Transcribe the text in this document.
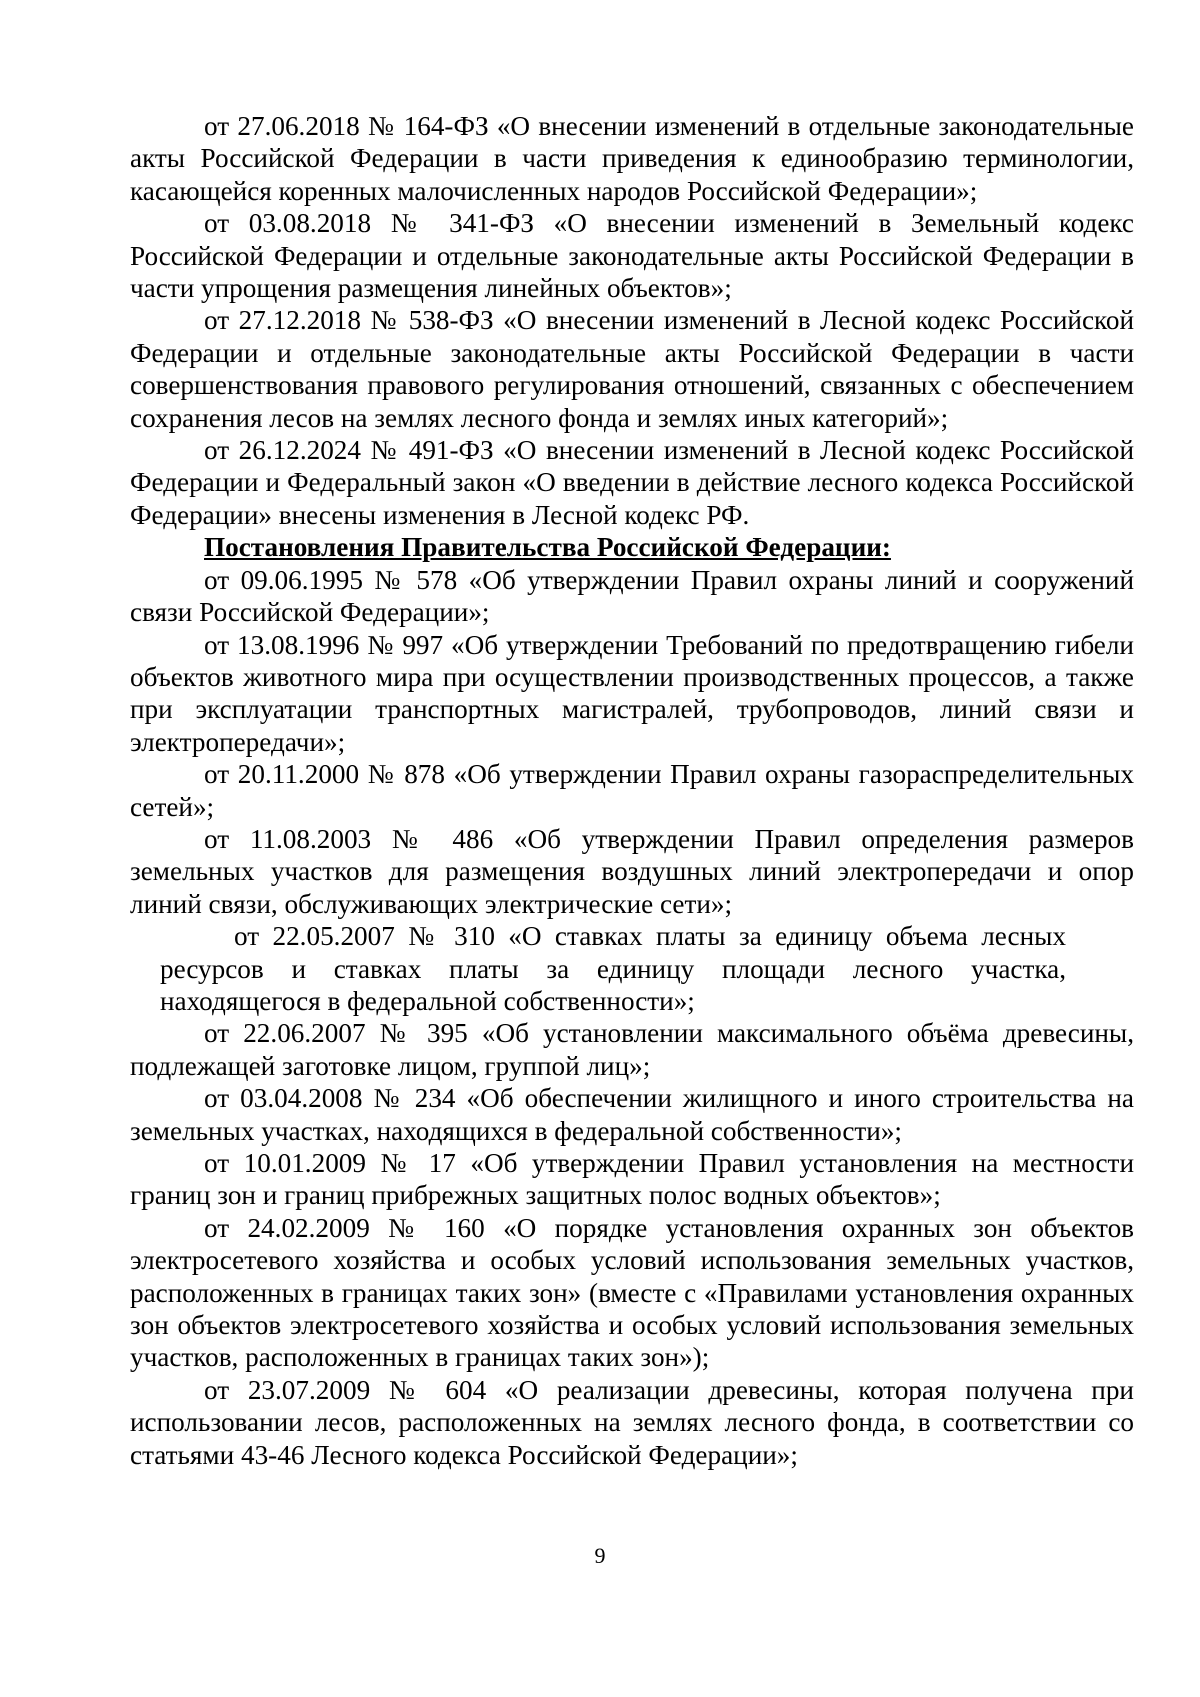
от 27.06.2018 № 164-ФЗ «О внесении изменений в отдельные законодательные акты Российской Федерации в части приведения к единообразию терминологии, касающейся коренных малочисленных народов Российской Федерации»;

от 03.08.2018 № 341-ФЗ «О внесении изменений в Земельный кодекс Российской Федерации и отдельные законодательные акты Российской Федерации в части упрощения размещения линейных объектов»;

от 27.12.2018 № 538-ФЗ «О внесении изменений в Лесной кодекс Российской Федерации и отдельные законодательные акты Российской Федерации в части совершенствования правового регулирования отношений, связанных с обеспечением сохранения лесов на землях лесного фонда и землях иных категорий»;

от 26.12.2024 № 491-ФЗ «О внесении изменений в Лесной кодекс Российской Федерации и Федеральный закон «О введении в действие лесного кодекса Российской Федерации» внесены изменения в Лесной кодекс РФ.

Постановления Правительства Российской Федерации:

от 09.06.1995 № 578 «Об утверждении Правил охраны линий и сооружений связи Российской Федерации»;

от 13.08.1996 № 997 «Об утверждении Требований по предотвращению гибели объектов животного мира при осуществлении производственных процессов, а также при эксплуатации транспортных магистралей, трубопроводов, линий связи и электропередачи»;

от 20.11.2000 № 878 «Об утверждении Правил охраны газораспределительных сетей»;

от 11.08.2003 № 486 «Об утверждении Правил определения размеров земельных участков для размещения воздушных линий электропередачи и опор линий связи, обслуживающих электрические сети»;

от 22.05.2007 № 310 «О ставках платы за единицу объема лесных ресурсов и ставках платы за единицу площади лесного участка, находящегося в федеральной собственности»;

от 22.06.2007 № 395 «Об установлении максимального объёма древесины, подлежащей заготовке лицом, группой лиц»;

от 03.04.2008 № 234 «Об обеспечении жилищного и иного строительства на земельных участках, находящихся в федеральной собственности»;

от 10.01.2009 № 17 «Об утверждении Правил установления на местности границ зон и границ прибрежных защитных полос водных объектов»;

от 24.02.2009 № 160 «О порядке установления охранных зон объектов электросетевого хозяйства и особых условий использования земельных участков, расположенных в границах таких зон» (вместе с «Правилами установления охранных зон объектов электросетевого хозяйства и особых условий использования земельных участков, расположенных в границах таких зон»);

от 23.07.2009 № 604 «О реализации древесины, которая получена при использовании лесов, расположенных на землях лесного фонда, в соответствии со статьями 43-46 Лесного кодекса Российской Федерации»;

9
